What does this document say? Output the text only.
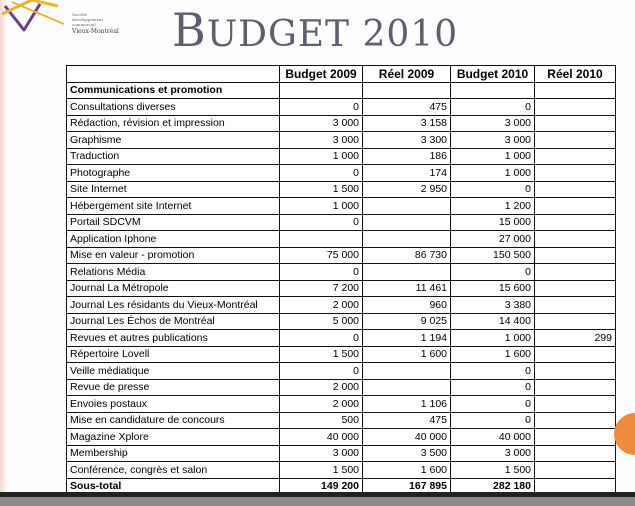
Société
développement
commercial
Vieux-Montréal	BUDGET 2010
	Budget 2009	Réel 2009	Budget 2010	Réel 2010
Communications et promotion				
Consultations diverses	0	475	0	
Rédaction, révision et impression	3 000	3 158	3 000	
Graphisme	3 000	3 300	3 000	
Traduction	1 000	186	1 000	
Photographe	0	174	1 000	
Site Internet	1 500	2 950	0	
Hébergement site Internet	1 000		1 200	
Portail SDCVM	0		15 000	
Application Iphone			27 000	
Mise en valeur - promotion	75 000	86 730	150 500	
Relations Média	0		0	
Journal La Métropole	7 200	11 461	15 600	
Journal Les résidants du Vieux-Montréal	2 000	960	3 380	
Journal Les Échos de Montréal	5 000	9 025	14 400	
Revues et autres publications	0	1 194	1 000	299
Répertoire Lovell	1 500	1 600	1 600	
Veille médiatique	0		0	
Revue de presse	2 000		0	
Envoies postaux	2 000	1 106	0	
Mise en candidature de concours	500	475	0	
Magazine Xplore	40 000	40 000	40 000	
Membership	3 000	3 500	3 000	
Conférence, congrès et salon	1 500	1 600	1 500	
Sous-total	149 200	167 895	282 180	
